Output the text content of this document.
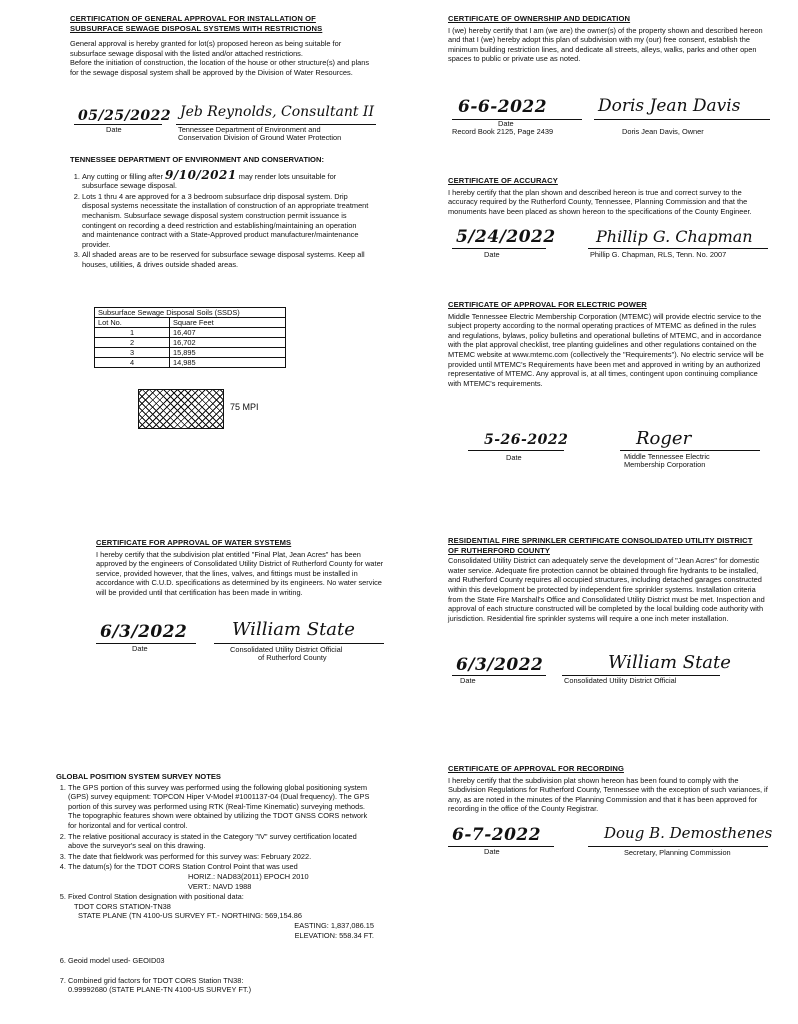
CERTIFICATION OF GENERAL APPROVAL FOR INSTALLATION OF
SUBSURFACE SEWAGE DISPOSAL SYSTEMS WITH RESTRICTIONS

General approval is hereby granted for lot(s) proposed hereon as being suitable for subsurface sewage disposal with the listed and/or attached restrictions.

Before the initiation of construction, the location of the house or other structure(s) and plans for the sewage disposal system shall be approved by the Division of Water Resources.

05/25/2022
Date
Jeb Reynolds, Consultant II
Tennessee Department of Environment and
Conservation Division of Ground Water Protection
TENNESSEE DEPARTMENT OF ENVIRONMENT AND CONSERVATION:
1. Any cutting or filling after 9/10/2021 may render lots unsuitable for subsurface sewage disposal.
2. Lots 1 thru 4 are approved for a 3 bedroom subsurface drip disposal system. Drip disposal systems necessitate the installation of construction of an appropriate treatment mechanism. Subsurface sewage disposal system construction permit issuance is contingent on recording a deed restriction and establishing/maintaining an operation and maintenance contract with a State-Approved product manufacturer/maintenance provider.
3. All shaded areas are to be reserved for subsurface sewage disposal systems. Keep all houses, utilities, & drives outside shaded areas.
Subsurface Sewage Disposal Soils (SSDS)	
Lot No.	Square Feet
1	16,407
2	16,702
3	15,895
4	14,985
75 MPI
CERTIFICATE OF OWNERSHIP AND DEDICATION

I (we) hereby certify that I am (we are) the owner(s) of the property shown and described hereon and that I (we) hereby adopt this plan of subdivision with my (our) free consent, establish the minimum building restriction lines, and dedicate all streets, alleys, walks, parks and other open spaces to public or private use as noted.

6-6-2022
Date
Doris Jean Davis
Doris Jean Davis, Owner
Record Book 2125, Page 2439
CERTIFICATE OF ACCURACY

I hereby certify that the plan shown and described hereon is true and correct survey to the accuracy required by the Rutherford County, Tennessee, Planning Commission and that the monuments have been placed as shown hereon to the specifications of the County Engineer.

5/24/2022
Date
Phillip G. Chapman
Phillip G. Chapman, RLS, Tenn. No. 2007
CERTIFICATE OF APPROVAL FOR ELECTRIC POWER

Middle Tennessee Electric Membership Corporation (MTEMC) will provide electric service to the subject property according to the normal operating practices of MTEMC as defined in the rules and regulations, bylaws, policy bulletins and operational bulletins of MTEMC, and in accordance with the plat approval checklist, tree planting guidelines and other regulations contained on the MTEMC website at www.mtemc.com (collectively the "Requirements"). No electric service will be provided until MTEMC's Requirements have been met and approved in writing by an authorized representative of MTEMC. Any approval is, at all times, contingent upon continuing compliance with MTEMC's requirements.

5-26-2022
Date
Roger
Middle Tennessee Electric
Membership Corporation
CERTIFICATE FOR APPROVAL OF WATER SYSTEMS

I hereby certify that the subdivision plat entitled "Final Plat, Jean Acres" has been approved by the engineers of Consolidated Utility District of Rutherford County for water service, provided however, that the lines, valves, and fittings must be installed in accordance with C.U.D. specifications as determined by its engineers. No water service will be provided until that certification has been made in writing.

6/3/2022
Date
William State
Consolidated Utility District Official
of Rutherford County
RESIDENTIAL FIRE SPRINKLER CERTIFICATE CONSOLIDATED UTILITY DISTRICT
OF RUTHERFORD COUNTY

Consolidated Utility District can adequately serve the development of "Jean Acres" for domestic water service. Adequate fire protection cannot be obtained through fire hydrants to be installed, and Rutherford County requires all occupied structures, including detached garages constructed within this development be protected by independent fire sprinkler systems. Installation criteria from the State Fire Marshall's Office and Consolidated Utility District must be met. Inspection and approval of each structure constructed will be completed by the local building code authority with jurisdiction. Residential fire sprinkler systems will require a one inch meter installation.

6/3/2022
Date
William State
Consolidated Utility District Official
GLOBAL POSITION SYSTEM SURVEY NOTES
1. The GPS portion of this survey was performed using the following global positioning system (GPS) survey equipment: TOPCON Hiper V-Model #1001137-04 (Dual frequency). The GPS portion of this survey was performed using RTK (Real-Time Kinematic) surveying methods. The topographic features shown were obtained by utilizing the TDOT GNSS CORS network for horizontal and for vertical control.
2. The relative positional accuracy is stated in the Category "IV" survey certification located above the surveyor's seal on this drawing.
3. The date that fieldwork was performed for this survey was: February 2022.
4. The datum(s) for the TDOT CORS Station Control Point that was used
HORIZ.: NAD83(2011) EPOCH 2010
VERT.: NAVD 1988
5. Fixed Control Station designation with positional data:
TDOT CORS STATION-TN38
STATE PLANE (TN 4100-US SURVEY FT.- NORTHING: 569,154.86
EASTING: 1,837,086.15
ELEVATION: 558.34 FT.
6. Geoid model used- GEOID03
7. Combined grid factors for TDOT CORS Station TN38:
0.99992680 (STATE PLANE-TN 4100-US SURVEY FT.)
CERTIFICATE OF APPROVAL FOR RECORDING

I hereby certify that the subdivision plat shown hereon has been found to comply with the Subdivision Regulations for Rutherford County, Tennessee with the exception of such variances, if any, as are noted in the minutes of the Planning Commission and that it has been approved for recording in the office of the County Registrar.

6-7-2022
Date
Doug B. Demosthenes
Secretary, Planning Commission
